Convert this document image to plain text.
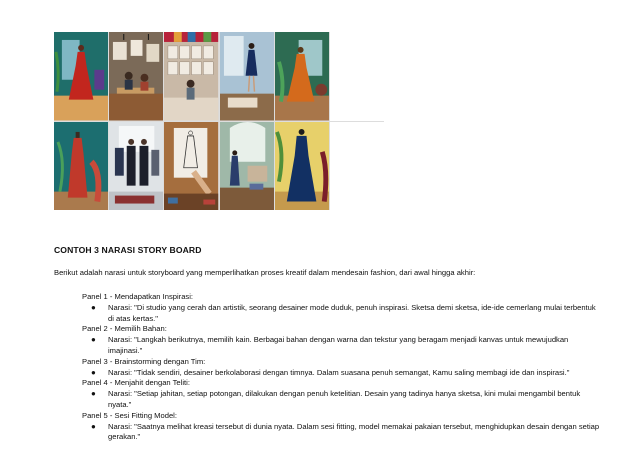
CONTOH 3 NARASI STORY BOARD
Berikut adalah narasi untuk storyboard yang memperlihatkan proses kreatif dalam mendesain fashion, dari awal hingga akhir:
Panel 1 - Mendapatkan Inspirasi:
● Narasi: "Di studio yang cerah dan artistik, seorang desainer mode duduk, penuh inspirasi. Sketsa demi sketsa, ide-ide cemerlang mulai terbentuk di atas kertas."
Panel 2 - Memilih Bahan:
● Narasi: "Langkah berikutnya, memilih kain. Berbagai bahan dengan warna dan tekstur yang beragam menjadi kanvas untuk mewujudkan imajinasi."
Panel 3 - Brainstorming dengan Tim:
● Narasi: "Tidak sendiri, desainer berkolaborasi dengan timnya. Dalam suasana penuh semangat, Kamu saling membagi ide dan inspirasi."
Panel 4 - Menjahit dengan Teliti:
● Narasi: "Setiap jahitan, setiap potongan, dilakukan dengan penuh ketelitian. Desain yang tadinya hanya sketsa, kini mulai mengambil bentuk nyata."
Panel 5 - Sesi Fitting Model:
● Narasi: "Saatnya melihat kreasi tersebut di dunia nyata. Dalam sesi fitting, model memakai pakaian tersebut, menghidupkan desain dengan setiap gerakan."
